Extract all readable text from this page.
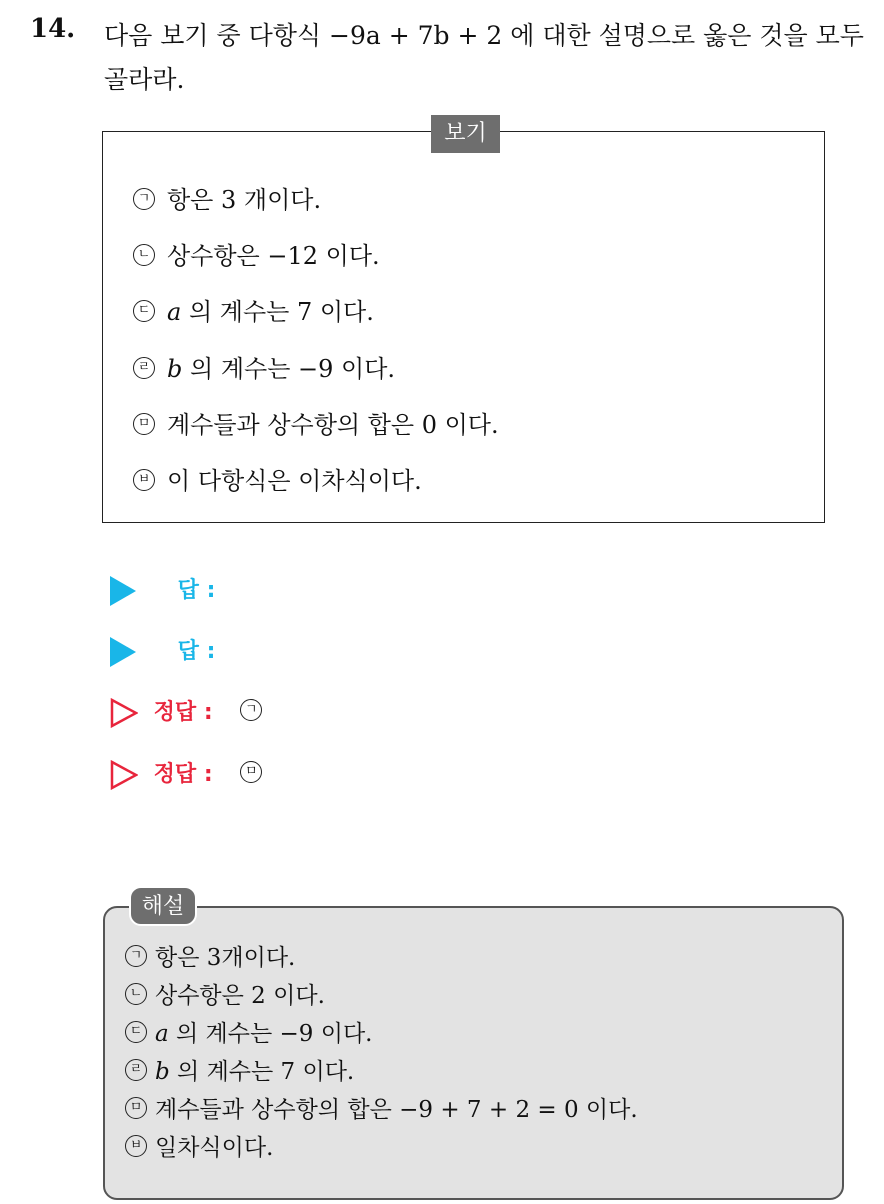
14. 다음 보기 중 다항식 −9a + 7b + 2 에 대한 설명으로 옳은 것을 모두 골라라.
보기
ㄱ 항은 3 개이다.
ㄴ 상수항은 −12 이다.
ㄷ a 의 계수는 7 이다.
ㄹ b 의 계수는 −9 이다.
ㅁ 계수들과 상수항의 합은 0 이다.
ㅂ 이 다항식은 이차식이다.
답 :
답 :
정답 : ㄱ
정답 : ㅁ
해설
ㄱ 항은 3개이다.
ㄴ 상수항은 2 이다.
ㄷ a 의 계수는 −9 이다.
ㄹ b 의 계수는 7 이다.
ㅁ 계수들과 상수항의 합은 −9 + 7 + 2 = 0 이다.
ㅂ 일차식이다.
